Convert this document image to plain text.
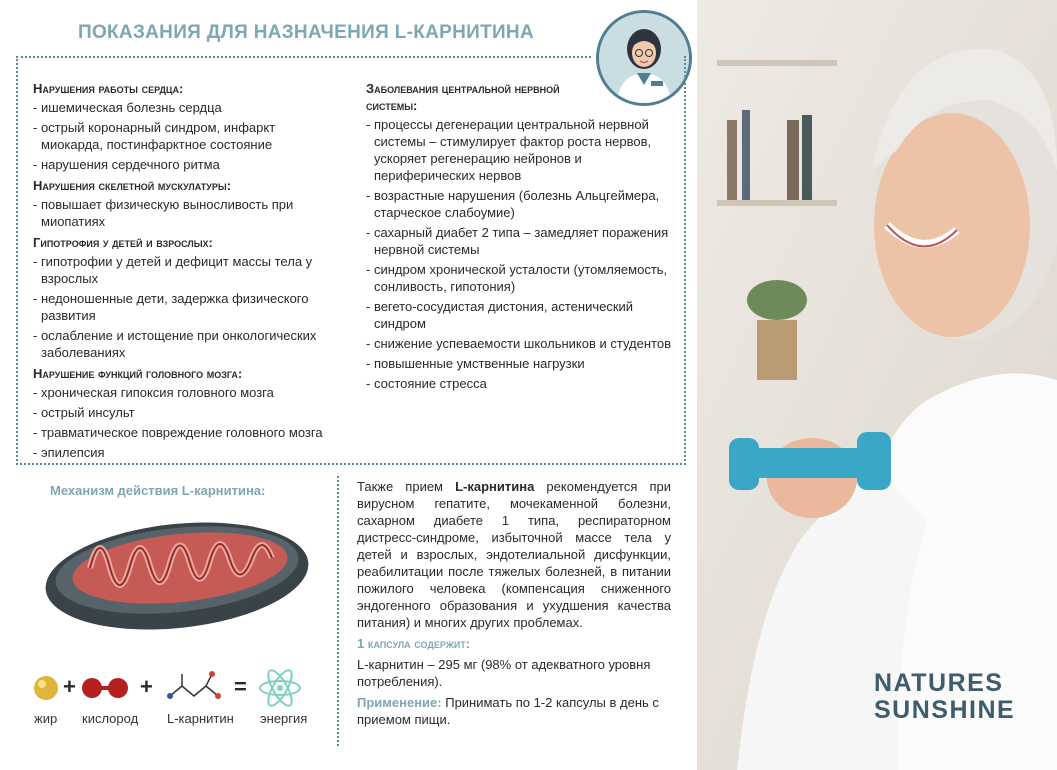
ПОКАЗАНИЯ ДЛЯ НАЗНАЧЕНИЯ L-КАРНИТИНА
Нарушения работы сердца:
- ишемическая болезнь сердца
- острый коронарный синдром, инфаркт миокарда, постинфарктное состояние
- нарушения сердечного ритма
Нарушения скелетной мускулатуры:
- повышает физическую выносливость при миопатиях
Гипотрофия у детей и взрослых:
- гипотрофии у детей и дефицит массы тела у взрослых
- недоношенные дети, задержка физического развития
- ослабление и истощение при онкологических заболеваниях
Нарушение функций головного мозга:
- хроническая гипоксия головного мозга
- острый инсульт
- травматическое повреждение головного мозга
- эпилепсия
Заболевания центральной нервной системы:
- процессы дегенерации центральной нервной системы – стимулирует фактор роста нервов, ускоряет регенерацию нейронов и периферических нервов
- возрастные нарушения (болезнь Альцгеймера, старческое слабоумие)
- сахарный диабет 2 типа – замедляет поражения нервной системы
- синдром хронической усталости (утомляемость, сонливость, гипотония)
- вегето-сосудистая дистония, астенический синдром
- снижение успеваемости школьников и студентов
- повышенные умственные нагрузки
- состояние стресса
Механизм действия L-карнитина:
+	+	=
жир кислород L-карнитин энергия
Также прием L-карнитина рекомендуется при вирусном гепатите, мочекаменной болезни, сахарном диабете 1 типа, респираторном дистресс-синдроме, избыточной массе тела у детей и взрослых, эндотелиальной дисфункции, реабилитации после тяжелых болезней, в питании пожилого человека (компенсация сниженного эндогенного образования и ухудшения качества питания) и многих других проблемах.
1 капсула содержит:
L-карнитин – 295 мг (98% от адекватного уровня потребления).
Применение: Принимать по 1-2 капсулы в день с приемом пищи.
NATURES
SUNSHINE
